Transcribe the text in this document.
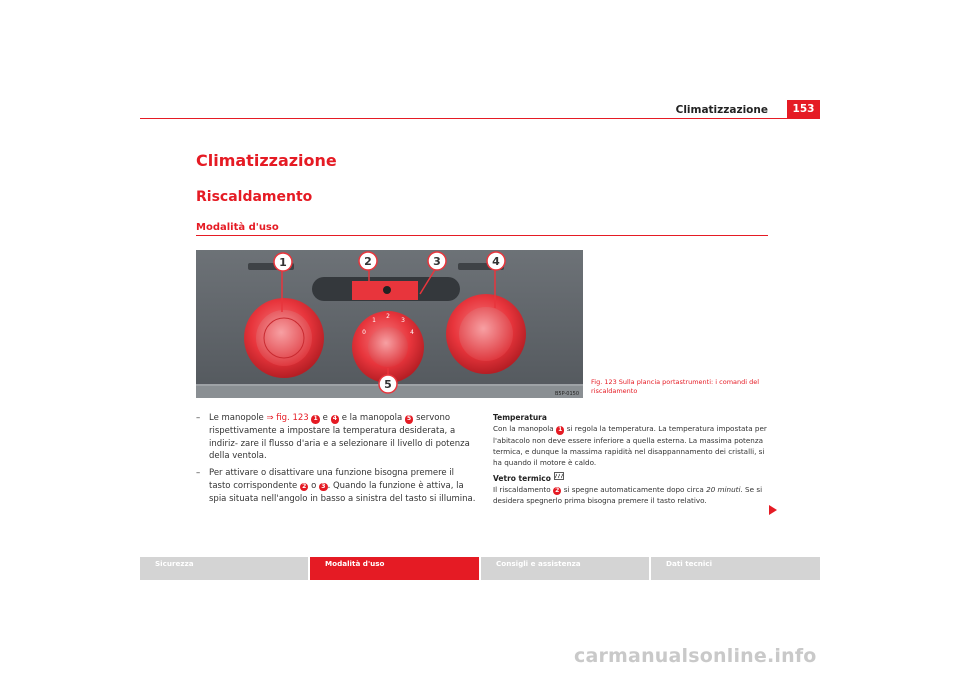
Climatizzazione	153
Climatizzazione
Riscaldamento
Modalità d'uso
2
3
4
1
0
1	2	3	4
5
B5P-0150
Fig. 123 Sulla plancia portastrumenti: i comandi del riscaldamento
– Le manopole ⇒ fig. 123 1 e 4 e la manopola 5 servono rispettivamente a impostare la temperatura desiderata, a indiriz- zare il flusso d'aria e a selezionare il livello di potenza della ventola.
– Per attivare o disattivare una funzione bisogna premere il tasto corrispondente 2 o 3 . Quando la funzione è attiva, la spia situata nell'angolo in basso a sinistra del tasto si illumina.
Temperatura
Con la manopola 1 si regola la temperatura. La temperatura impostata per l'abitacolo non deve essere inferiore a quella esterna. La massima potenza termica, e dunque la massima rapidità nel disappannamento dei cristalli, si ha quando il motore è caldo.
Vetro termico
Il riscaldamento 2 si spegne automaticamente dopo circa 20 minuti. Se si desidera spegnerlo prima bisogna premere il tasto relativo.
Sicurezza	Modalità d'uso	Consigli e assistenza	Dati tecnici
carmanualsonline.info
